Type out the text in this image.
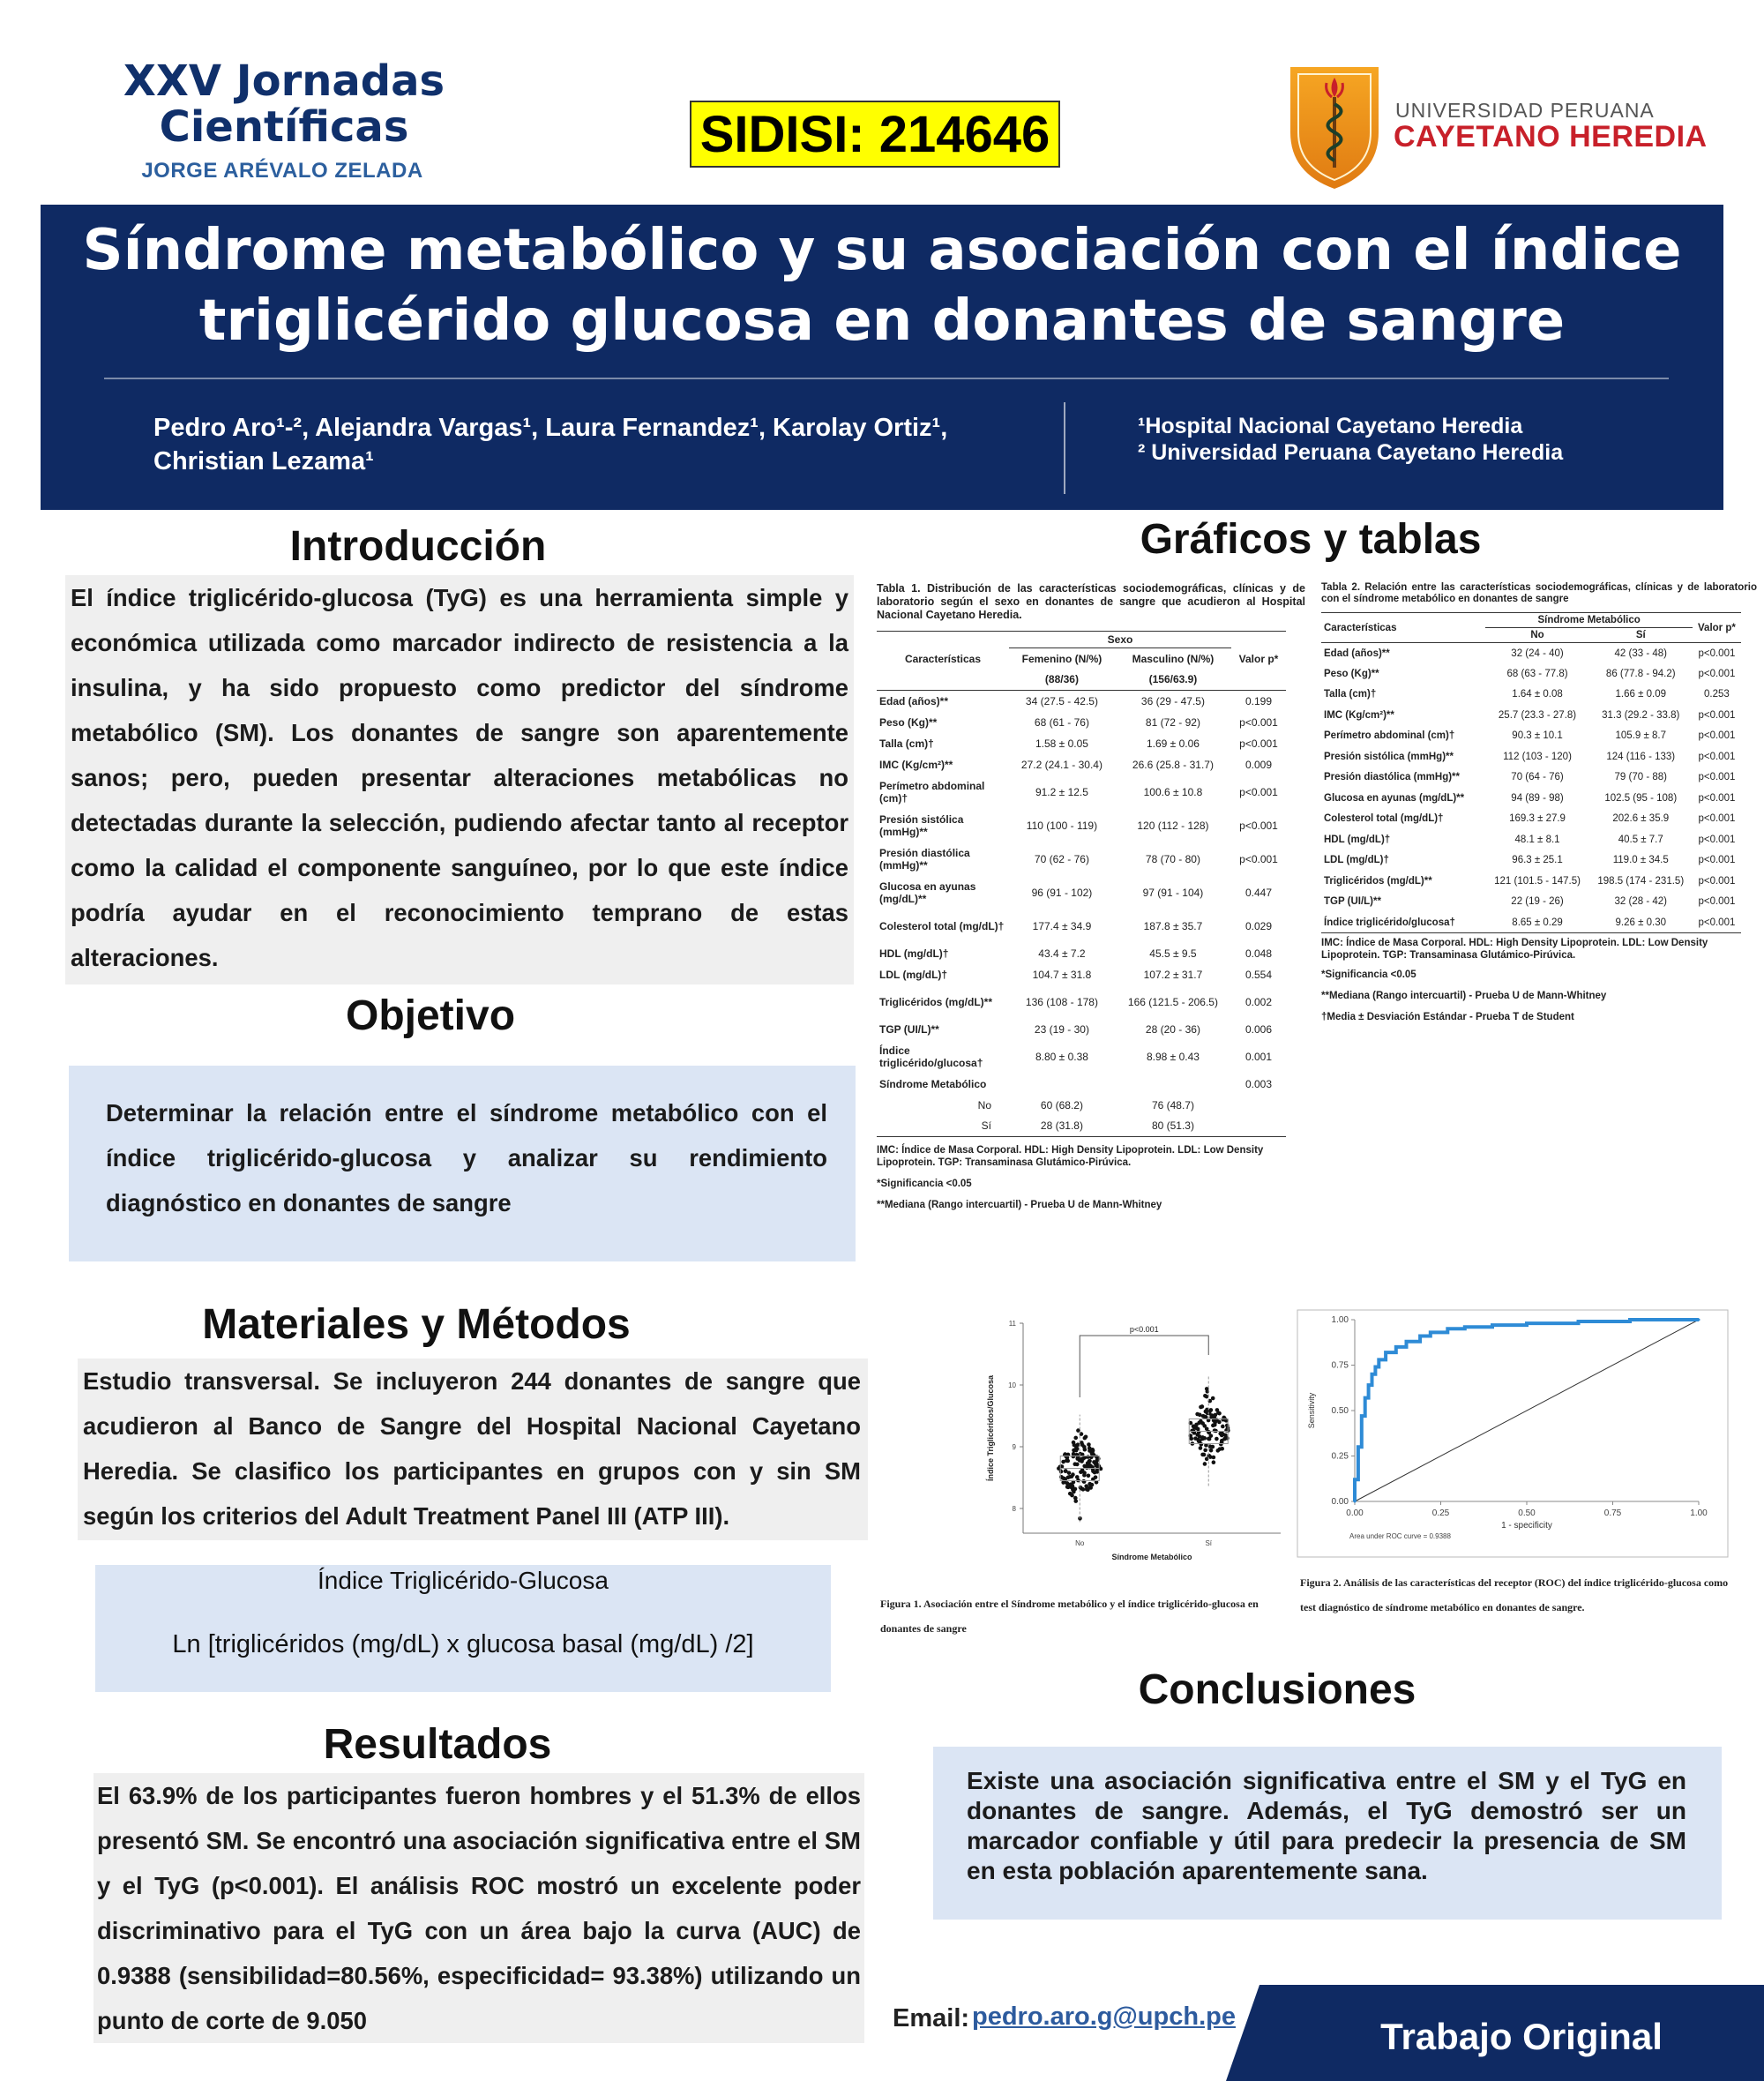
XXV Jornadas
Científicas
JORGE ARÉVALO ZELADA
SIDISI: 214646	UNIVERSIDAD PERUANA
CAYETANO HEREDIA
Síndrome metabólico y su asociación con el índice
triglicérido glucosa en donantes de sangre
Pedro Aro¹-², Alejandra Vargas¹, Laura Fernandez¹, Karolay Ortiz¹,
Christian Lezama¹
¹Hospital Nacional Cayetano Heredia
² Universidad Peruana Cayetano Heredia
Introducción

El índice triglicérido-glucosa (TyG) es una herramienta simple y económica utilizada como marcador indirecto de resistencia a la insulina, y ha sido propuesto como predictor del síndrome metabólico (SM). Los donantes de sangre son aparentemente sanos; pero, pueden presentar alteraciones metabólicas no detectadas durante la selección, pudiendo afectar tanto al receptor como la calidad el componente sanguíneo, por lo que este índice podría ayudar en el reconocimiento temprano de estas alteraciones.

Objetivo

Determinar la relación entre el síndrome metabólico con el índice triglicérido-glucosa y analizar su rendimiento diagnóstico en donantes de sangre

Materiales y Métodos

Estudio transversal. Se incluyeron 244 donantes de sangre que acudieron al Banco de Sangre del Hospital Nacional Cayetano Heredia. Se clasifico los participantes en grupos con y sin SM según los criterios del Adult Treatment Panel III (ATP III).

Índice Triglicérido-Glucosa
Ln [triglicéridos (mg/dL) x glucosa basal (mg/dL) /2]
Resultados

El 63.9% de los participantes fueron hombres y el 51.3% de ellos presentó SM. Se encontró una asociación significativa entre el SM y el TyG (p<0.001). El análisis ROC mostró un excelente poder discriminativo para el TyG con un área bajo la curva (AUC) de 0.9388 (sensibilidad=80.56%, especificidad= 93.38%) utilizando un punto de corte de 9.050

Gráficos y tablas

Tabla 1. Distribución de las características sociodemográficas, clínicas y de laboratorio según el sexo en donantes de sangre que acudieron al Hospital Nacional Cayetano Heredia.

	Sexo		
Características	Femenino (N/%)	Masculino (N/%)	Valor p*
	(88/36)	(156/63.9)	
Edad (años)**	34 (27.5 - 42.5)	36 (29 - 47.5)	0.199
Peso (Kg)**	68 (61 - 76)	81 (72 - 92)	p<0.001
Talla (cm)†	1.58 ± 0.05	1.69 ± 0.06	p<0.001
IMC (Kg/cm²)**	27.2 (24.1 - 30.4)	26.6 (25.8 - 31.7)	0.009
Perímetro abdominal (cm)†	91.2 ± 12.5	100.6 ± 10.8	p<0.001
Presión sistólica (mmHg)**	110 (100 - 119)	120 (112 - 128)	p<0.001
Presión diastólica (mmHg)**	70 (62 - 76)	78 (70 - 80)	p<0.001
Glucosa en ayunas (mg/dL)**	96 (91 - 102)	97 (91 - 104)	0.447
Colesterol total (mg/dL)†	177.4 ± 34.9	187.8 ± 35.7	0.029
HDL (mg/dL)†	43.4 ± 7.2	45.5 ± 9.5	0.048
LDL (mg/dL)†	104.7 ± 31.8	107.2 ± 31.7	0.554
Triglicéridos (mg/dL)**	136 (108 - 178)	166 (121.5 - 206.5)	0.002
TGP (UI/L)**	23 (19 - 30)	28 (20 - 36)	0.006
Índice triglicérido/glucosa†	8.80 ± 0.38	8.98 ± 0.43	0.001
Síndrome Metabólico			0.003
No	60 (68.2)	76 (48.7)	
Sí	28 (31.8)	80 (51.3)	

IMC: Índice de Masa Corporal. HDL: High Density Lipoprotein. LDL: Low Density Lipoprotein. TGP: Transaminasa Glutámico-Pirúvica.

*Significancia <0.05

**Mediana (Rango intercuartil) - Prueba U de Mann-Whitney

Tabla 2. Relación entre las características sociodemográficas, clínicas y de laboratorio con el síndrome metabólico en donantes de sangre

Características	Síndrome Metabólico		Valor p*
	No	Sí	
Edad (años)**	32 (24 - 40)	42 (33 - 48)	p<0.001
Peso (Kg)**	68 (63 - 77.8)	86 (77.8 - 94.2)	p<0.001
Talla (cm)†	1.64 ± 0.08	1.66 ± 0.09	0.253
IMC (Kg/cm²)**	25.7 (23.3 - 27.8)	31.3 (29.2 - 33.8)	p<0.001
Perímetro abdominal (cm)†	90.3 ± 10.1	105.9 ± 8.7	p<0.001
Presión sistólica (mmHg)**	112 (103 - 120)	124 (116 - 133)	p<0.001
Presión diastólica (mmHg)**	70 (64 - 76)	79 (70 - 88)	p<0.001
Glucosa en ayunas (mg/dL)**	94 (89 - 98)	102.5 (95 - 108)	p<0.001
Colesterol total (mg/dL)†	169.3 ± 27.9	202.6 ± 35.9	p<0.001
HDL (mg/dL)†	48.1 ± 8.1	40.5 ± 7.7	p<0.001
LDL (mg/dL)†	96.3 ± 25.1	119.0 ± 34.5	p<0.001
Triglicéridos (mg/dL)**	121 (101.5 - 147.5)	198.5 (174 - 231.5)	p<0.001
TGP (UI/L)**	22 (19 - 26)	32 (28 - 42)	p<0.001
Índice triglicérido/glucosa†	8.65 ± 0.29	9.26 ± 0.30	p<0.001

IMC: Índice de Masa Corporal. HDL: High Density Lipoprotein. LDL: Low Density Lipoprotein. TGP: Transaminasa Glutámico-Pirúvica.

*Significancia <0.05

**Mediana (Rango intercuartil) - Prueba U de Mann-Whitney

†Media ± Desviación Estándar - Prueba T de Student

8
9
10
11
No	Sí
Síndrome Metabólico
Índice Triglicéridos/Glucosa
p<0.001

Figura 1. Asociación entre el Síndrome metabólico y el índice triglicérido-glucosa en donantes de sangre

0.00	0.25	0.50	0.75	1.00
0.00
0.25
0.50
0.75
1.00
1 - specificity
Sensitivity
Area under ROC curve = 0.9388

Figura 2. Análisis de las características del receptor (ROC) del índice triglicérido-glucosa como test diagnóstico de síndrome metabólico en donantes de sangre.

Conclusiones

Existe una asociación significativa entre el SM y el TyG en donantes de sangre. Además, el TyG demostró ser un marcador confiable y útil para predecir la presencia de SM en esta población aparentemente sana.

Email: pedro.aro.g@upch.pe	Trabajo Original
